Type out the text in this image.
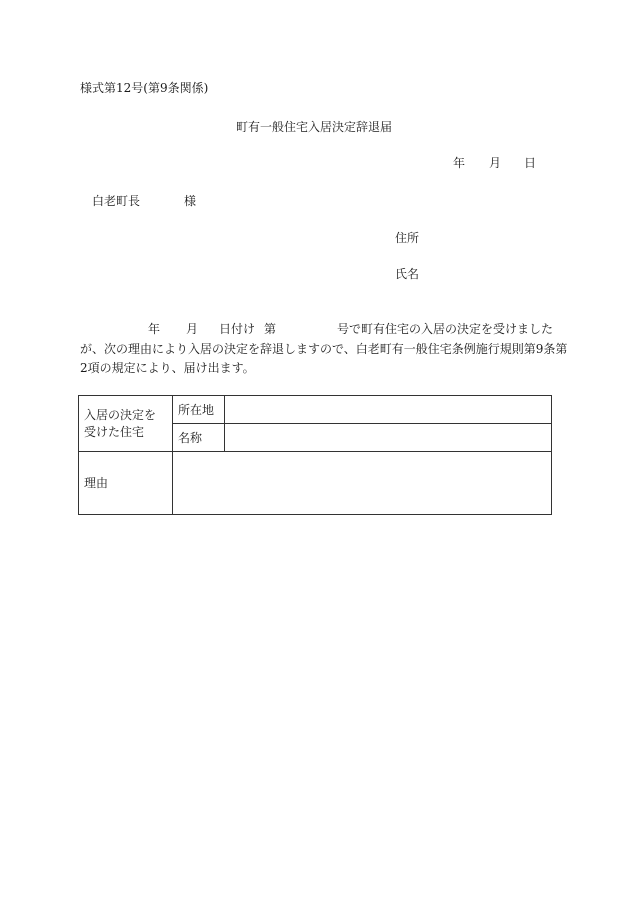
様式第12号(第9条関係)
町有一般住宅入居決定辞退届
年 月 日
白老町長	様
住所
氏名
年 月 日付け 第	号で町有住宅の入居の決定を受けました
が、次の理由により入居の決定を辞退しますので、白老町有一般住宅条例施行規則第9条第
2項の規定により、届け出ます。
入居の決定を受けた住宅	所在地	

	名称	

理由		
